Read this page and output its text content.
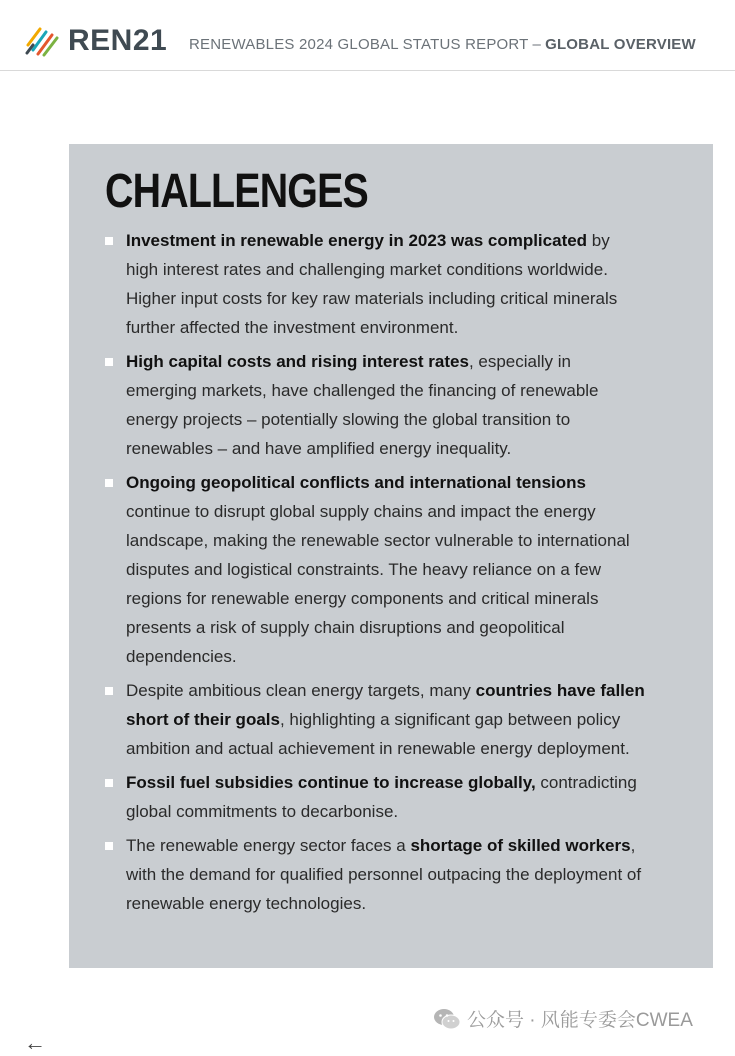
REN21 RENEWABLES 2024 GLOBAL STATUS REPORT – GLOBAL OVERVIEW
CHALLENGES
Investment in renewable energy in 2023 was complicated by high interest rates and challenging market conditions worldwide. Higher input costs for key raw materials including critical minerals further affected the investment environment.
High capital costs and rising interest rates, especially in emerging markets, have challenged the financing of renewable energy projects – potentially slowing the global transition to renewables – and have amplified energy inequality.
Ongoing geopolitical conflicts and international tensions continue to disrupt global supply chains and impact the energy landscape, making the renewable sector vulnerable to international disputes and logistical constraints. The heavy reliance on a few regions for renewable energy components and critical minerals presents a risk of supply chain disruptions and geopolitical dependencies.
Despite ambitious clean energy targets, many countries have fallen short of their goals, highlighting a significant gap between policy ambition and actual achievement in renewable energy deployment.
Fossil fuel subsidies continue to increase globally, contradicting global commitments to decarbonise.
The renewable energy sector faces a shortage of skilled workers, with the demand for qualified personnel outpacing the deployment of renewable energy technologies.
公众号 · 风能专委会CWEA
←
